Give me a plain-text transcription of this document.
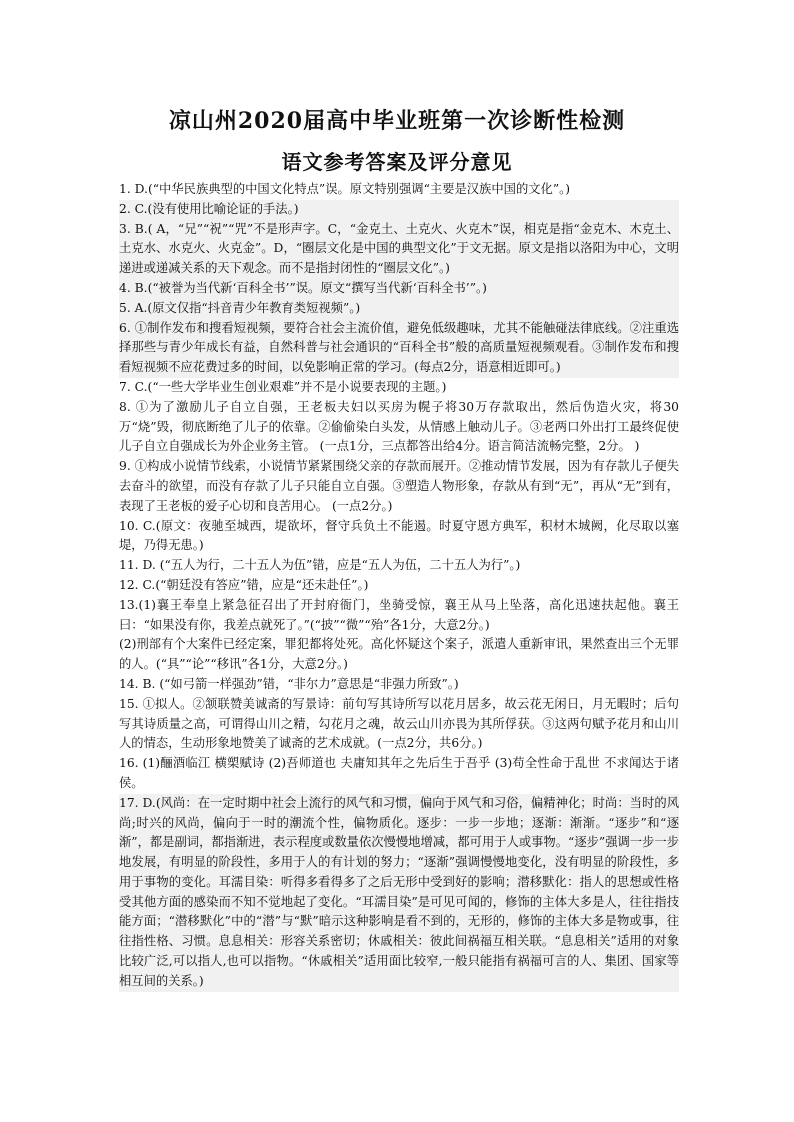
凉山州2020届高中毕业班第一次诊断性检测
语文参考答案及评分意见

1. D.(“中华民族典型的中国文化特点”误。原文特别强调“主要是汉族中国的文化”。)

2. C.(没有使用比喻论证的手法。)

3. B.( A，“兄”“祝”“咒”不是形声字。C，“金克土、土克火、火克木”误，相克是指“金克木、木克土、土克水、水克火、火克金”。D，“圈层文化是中国的典型文化”于文无据。原文是指以洛阳为中心，文明递进或递减关系的天下观念。而不是指封闭性的“圈层文化”。)

4. B.(“被誉为当代新‘百科全书’”误。原文“撰写当代新‘百科全书’”。)

5. A.(原文仅指“抖音青少年教育类短视频”。)

6. ①制作发布和搜看短视频，要符合社会主流价值，避免低级趣味，尤其不能触碰法律底线。②注重选择那些与青少年成长有益，自然科普与社会通识的“百科全书”般的高质量短视频观看。③制作发布和搜看短视频不应花费过多的时间，以免影响正常的学习。(每点2分，语意相近即可。)

7. C.(“一些大学毕业生创业艰难”并不是小说要表现的主题。)

8. ①为了激励儿子自立自强，王老板夫妇以买房为幌子将30万存款取出，然后伪造火灾，将30万“烧”毁，彻底断绝了儿子的依靠。②偷偷染白头发，从情感上触动儿子。③老两口外出打工最终促使儿子自立自强成长为外企业务主管。 (一点1分，三点都答出给4分。语言简洁流畅完整，2分。 )

9. ①构成小说情节线索，小说情节紧紧围绕父亲的存款而展开。②推动情节发展，因为有存款儿子便失去奋斗的欲望，而没有存款了儿子只能自立自强。③塑造人物形象，存款从有到“无”，再从“无”到有，表现了王老板的爱子心切和良苦用心。 (一点2分。)

10. C.(原文：夜驰至城西，堤欲坏，督守兵负土不能遏。时夏守恩方典军，积材木城阙，化尽取以塞堤，乃得无患。)

11. D. (“五人为行，二十五人为伍”错，应是“五人为伍，二十五人为行”。)

12. C.(“朝廷没有答应”错，应是“还未赴任”。)

13.(1)襄王奉皇上紧急征召出了开封府衙门，坐骑受惊，襄王从马上坠落，高化迅速扶起他。襄王曰：“如果没有你，我差点就死了。”(“披”“微”“殆”各1分，大意2分。)

(2)刑部有个大案件已经定案，罪犯都将处死。高化怀疑这个案子，派遣人重新审讯，果然查出三个无罪的人。(“具”“论”“移讯”各1分，大意2分。)

14. B. (“如弓箭一样强劲”错，“非尔力”意思是“非强力所致”。)

15. ①拟人。②颔联赞美诚斋的写景诗：前句写其诗所写以花月居多，故云花无闲日，月无暇时；后句写其诗质量之高，可谓得山川之精，勾花月之魂，故云山川亦畏为其所俘获。③这两句赋予花月和山川人的情态，生动形象地赞美了诚斋的艺术成就。(一点2分，共6分。)

16. (1)酾酒临江 横槊赋诗 (2)吾师道也 夫庸知其年之先后生于吾乎 (3)苟全性命于乱世 不求闻达于诸侯。

17. D.(风尚：在一定时期中社会上流行的风气和习惯，偏向于风气和习俗，偏精神化；时尚：当时的风尚;时兴的风尚，偏向于一时的潮流个性，偏物质化。逐步：一步一步地；逐渐：渐渐。“逐步”和“逐渐”，都是副词，都指渐进，表示程度或数量依次慢慢地增减，都可用于人或事物。“逐步”强调一步一步地发展，有明显的阶段性，多用于人的有计划的努力；“逐渐”强调慢慢地变化，没有明显的阶段性，多用于事物的变化。耳濡目染：听得多看得多了之后无形中受到好的影响；潜移默化：指人的思想或性格受其他方面的感染而不知不觉地起了变化。“耳濡目染”是可见可闻的，修饰的主体大多是人，往往指技能方面；“潜移默化”中的“潜”与“默”暗示这种影响是看不到的，无形的，修饰的主体大多是物或事，往往指性格、习惯。息息相关：形容关系密切；休戚相关：彼此间祸福互相关联。“息息相关”适用的对象比较广泛,可以指人,也可以指物。“休戚相关”适用面比较窄,一般只能指有祸福可言的人、集团、国家等相互间的关系。)
